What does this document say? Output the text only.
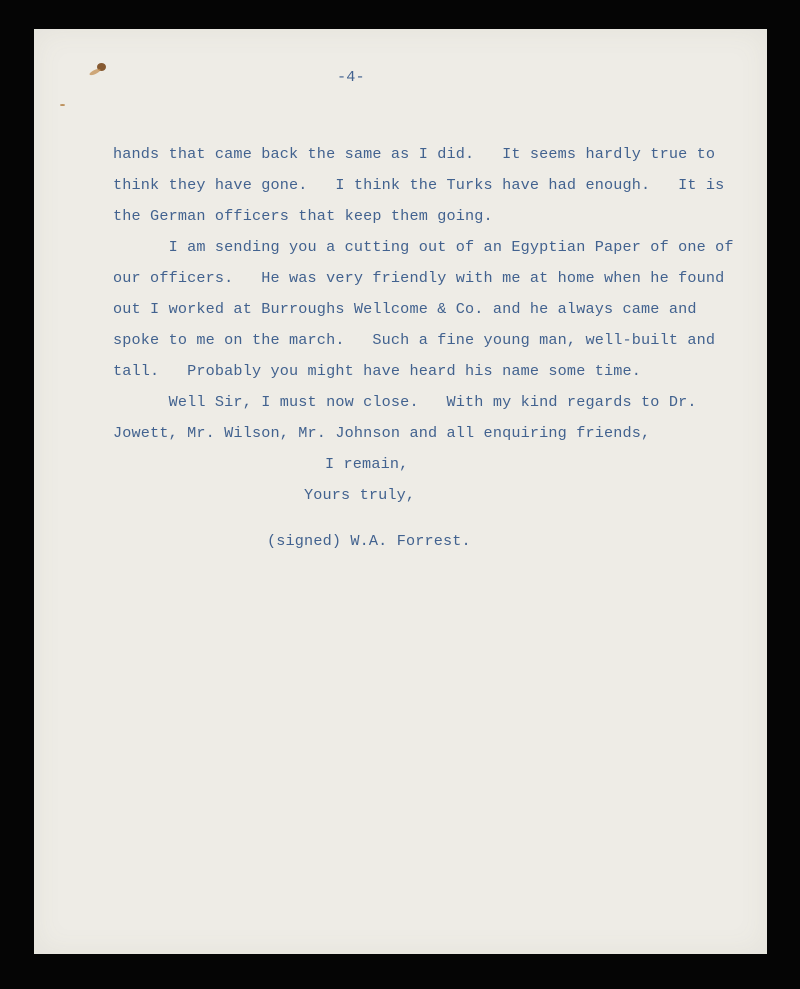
-4-
hands that came back the same as I did.   It seems hardly true to
think they have gone.   I think the Turks have had enough.   It is
the German officers that keep them going.
I am sending you a cutting out of an Egyptian Paper of one of
our officers.   He was very friendly with me at home when he found
out I worked at Burroughs Wellcome & Co. and he always came and
spoke to me on the march.   Such a fine young man, well-built and
tall.   Probably you might have heard his name some time.
Well Sir, I must now close.   With my kind regards to Dr.
Jowett, Mr. Wilson, Mr. Johnson and all enquiring friends,
I remain,
Yours truly,
(signed) W.A. Forrest.
